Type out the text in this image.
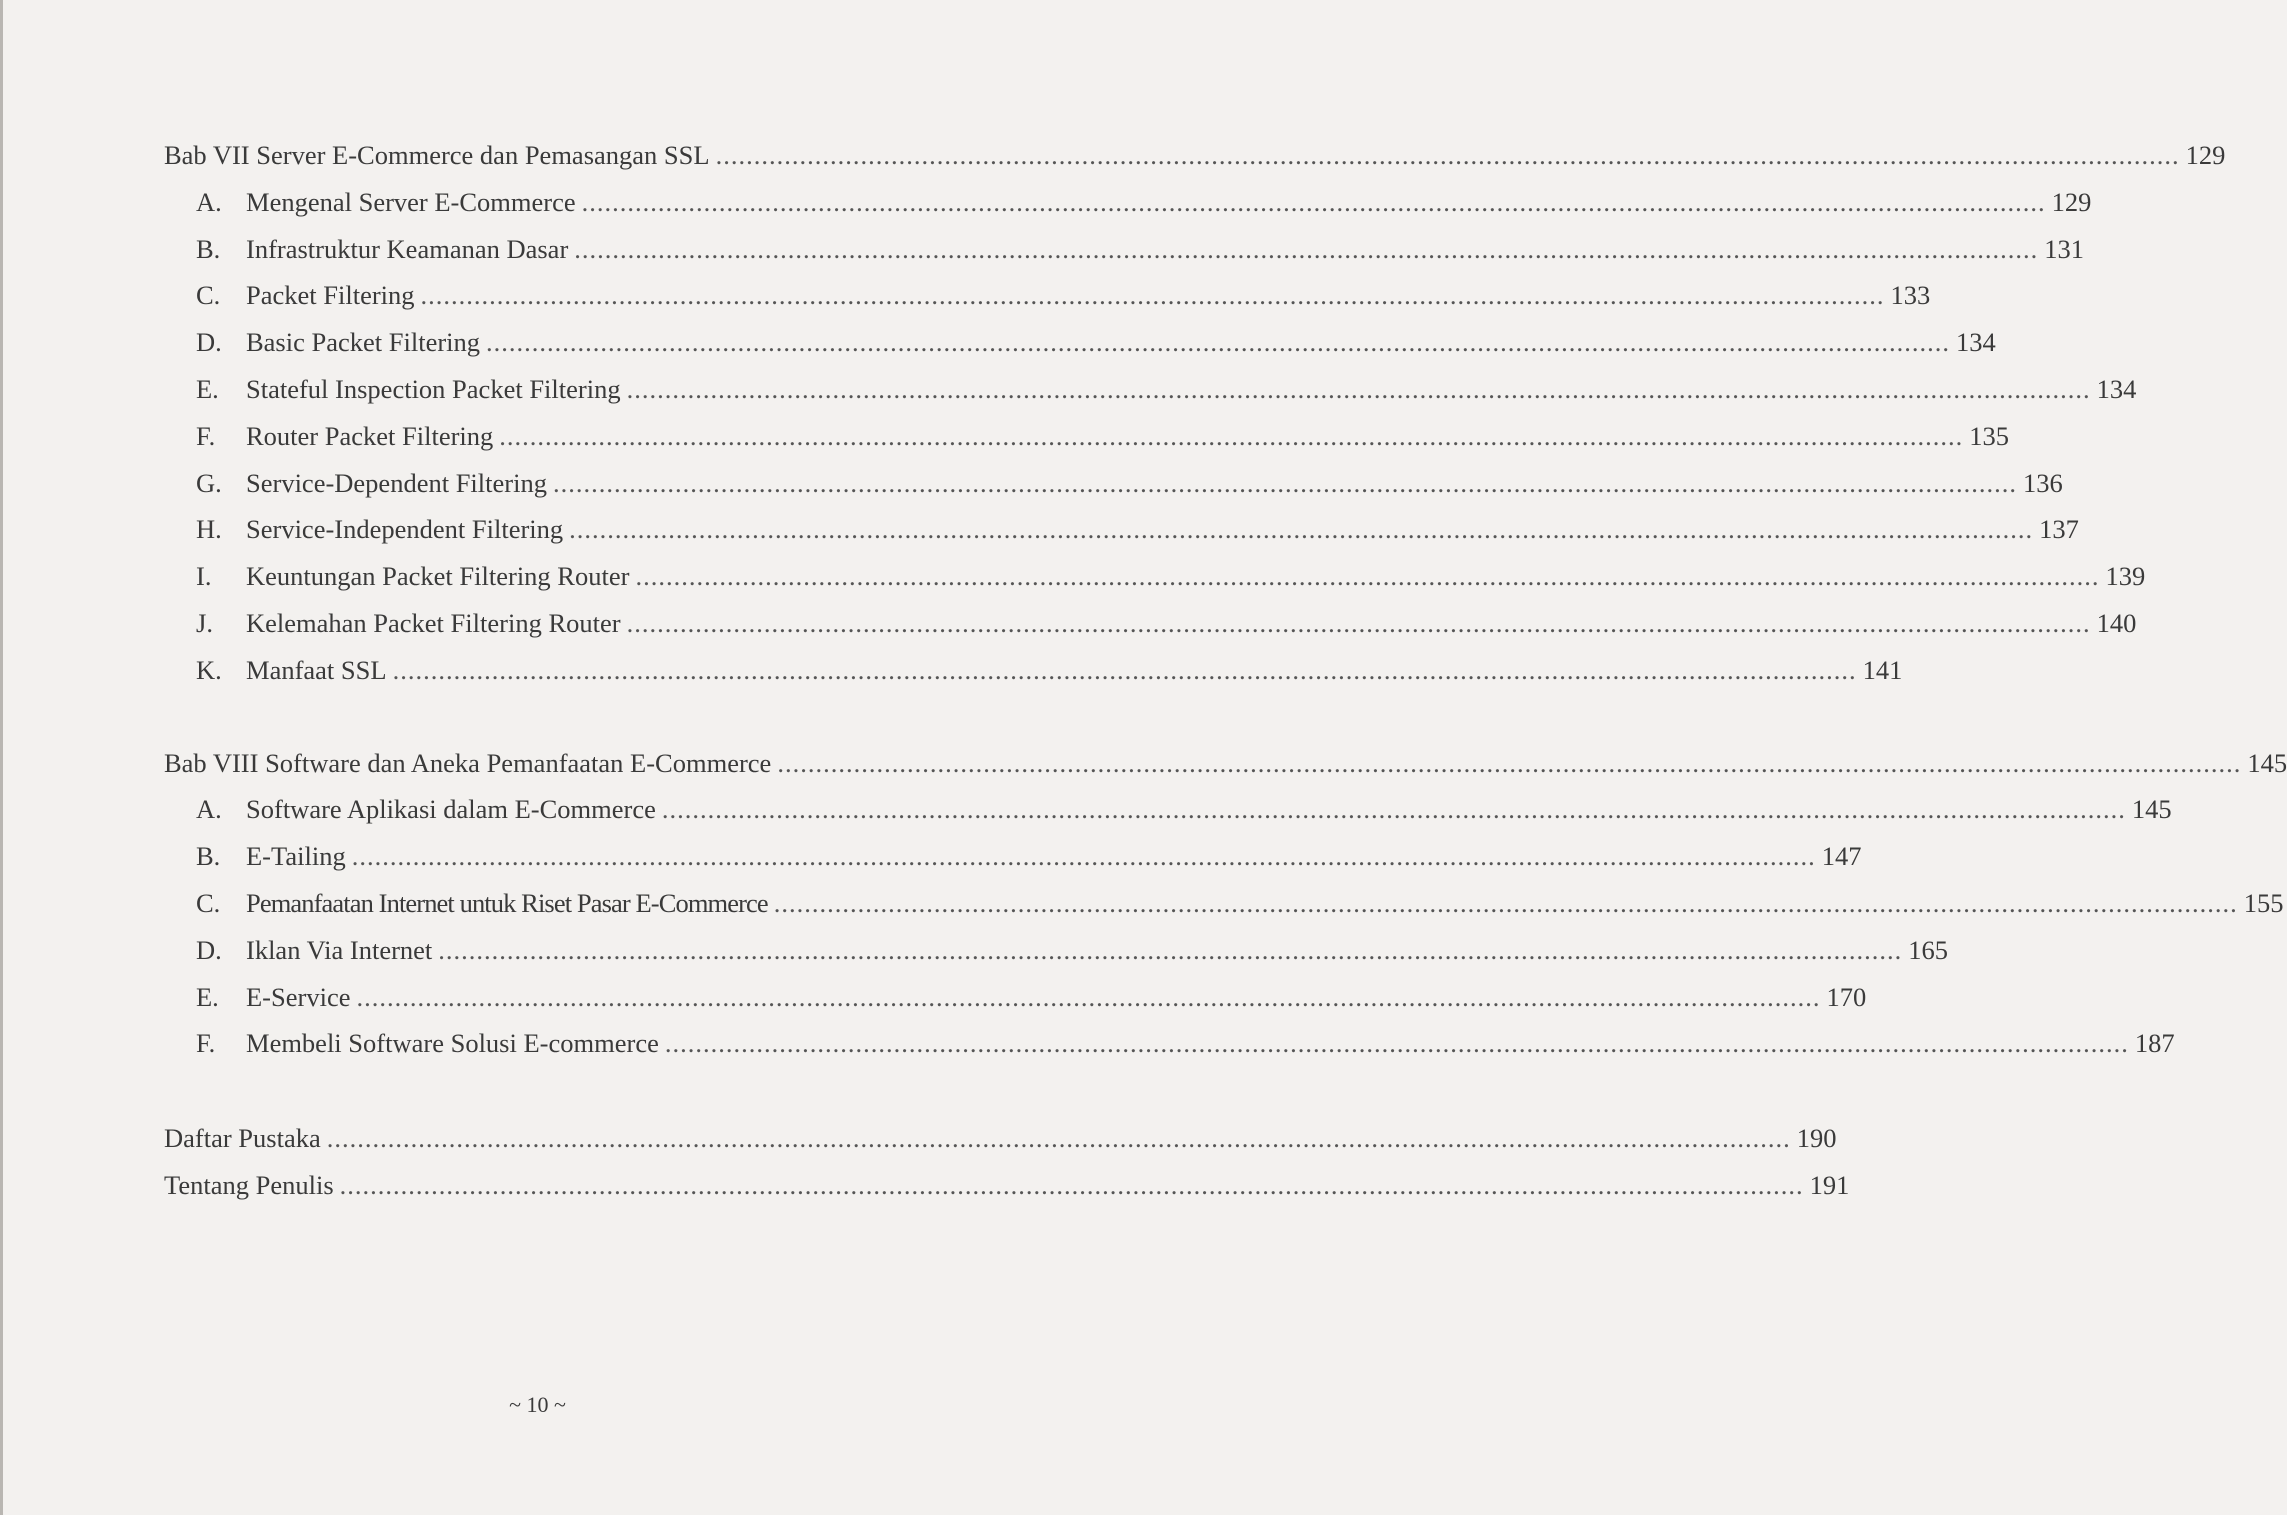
Bab VII Server E-Commerce dan Pemasangan SSL .....	129
A. Mengenal Server E-Commerce .....	129
B. Infrastruktur Keamanan Dasar .....	131
C. Packet Filtering .....	133
D. Basic Packet Filtering .....	134
E.	Stateful Inspection Packet Filtering .....	134
F.	Router Packet Filtering .....	135
G. Service-Dependent Filtering .....	136
H. Service-Independent Filtering .....	137
I.	Keuntungan Packet Filtering Router .....	139
J.	Kelemahan Packet Filtering Router .....	140
K. Manfaat SSL .....	141
Bab VIII Software dan Aneka Pemanfaatan E-Commerce .....	145
A. Software Aplikasi dalam E-Commerce .....	145
B. E-Tailing .....	147
C. Pemanfaatan Internet untuk Riset Pasar E-Commerce .....	155
D. Iklan Via Internet .....	165
E.	E-Service .....	170
F.	Membeli Software Solusi E-commerce .....	187
Daftar Pustaka .....	190
Tentang Penulis .....	191
~ 10 ~
